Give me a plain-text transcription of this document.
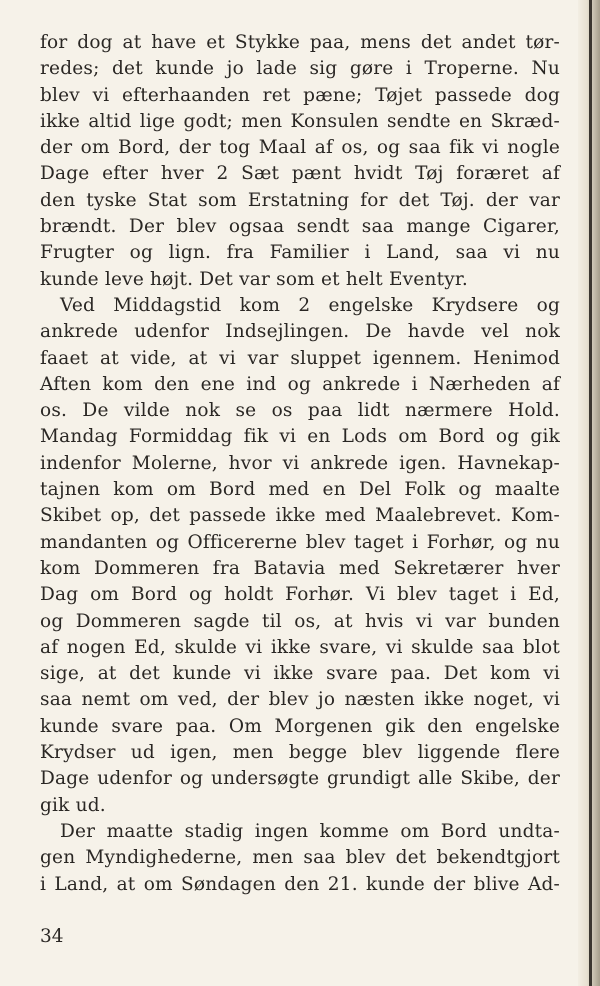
for dog at have et Stykke paa, mens det andet tør-
redes; det kunde jo lade sig gøre i Troperne. Nu
blev vi efterhaanden ret pæne; Tøjet passede dog
ikke altid lige godt; men Konsulen sendte en Skræd-
der om Bord, der tog Maal af os, og saa fik vi nogle
Dage efter hver 2 Sæt pænt hvidt Tøj foræret af
den tyske Stat som Erstatning for det Tøj. der var
brændt. Der blev ogsaa sendt saa mange Cigarer,
Frugter og lign. fra Familier i Land, saa vi nu
kunde leve højt. Det var som et helt Eventyr.
Ved Middagstid kom 2 engelske Krydsere og
ankrede udenfor Indsejlingen. De havde vel nok
faaet at vide, at vi var sluppet igennem. Henimod
Aften kom den ene ind og ankrede i Nærheden af
os. De vilde nok se os paa lidt nærmere Hold.
Mandag Formiddag fik vi en Lods om Bord og gik
indenfor Molerne, hvor vi ankrede igen. Havnekap-
tajnen kom om Bord med en Del Folk og maalte
Skibet op, det passede ikke med Maalebrevet. Kom-
mandanten og Officererne blev taget i Forhør, og nu
kom Dommeren fra Batavia med Sekretærer hver
Dag om Bord og holdt Forhør. Vi blev taget i Ed,
og Dommeren sagde til os, at hvis vi var bunden
af nogen Ed, skulde vi ikke svare, vi skulde saa blot
sige, at det kunde vi ikke svare paa. Det kom vi
saa nemt om ved, der blev jo næsten ikke noget, vi
kunde svare paa. Om Morgenen gik den engelske
Krydser ud igen, men begge blev liggende flere
Dage udenfor og undersøgte grundigt alle Skibe, der
gik ud.
Der maatte stadig ingen komme om Bord undta-
gen Myndighederne, men saa blev det bekendtgjort
i Land, at om Søndagen den 21. kunde der blive Ad-
34
